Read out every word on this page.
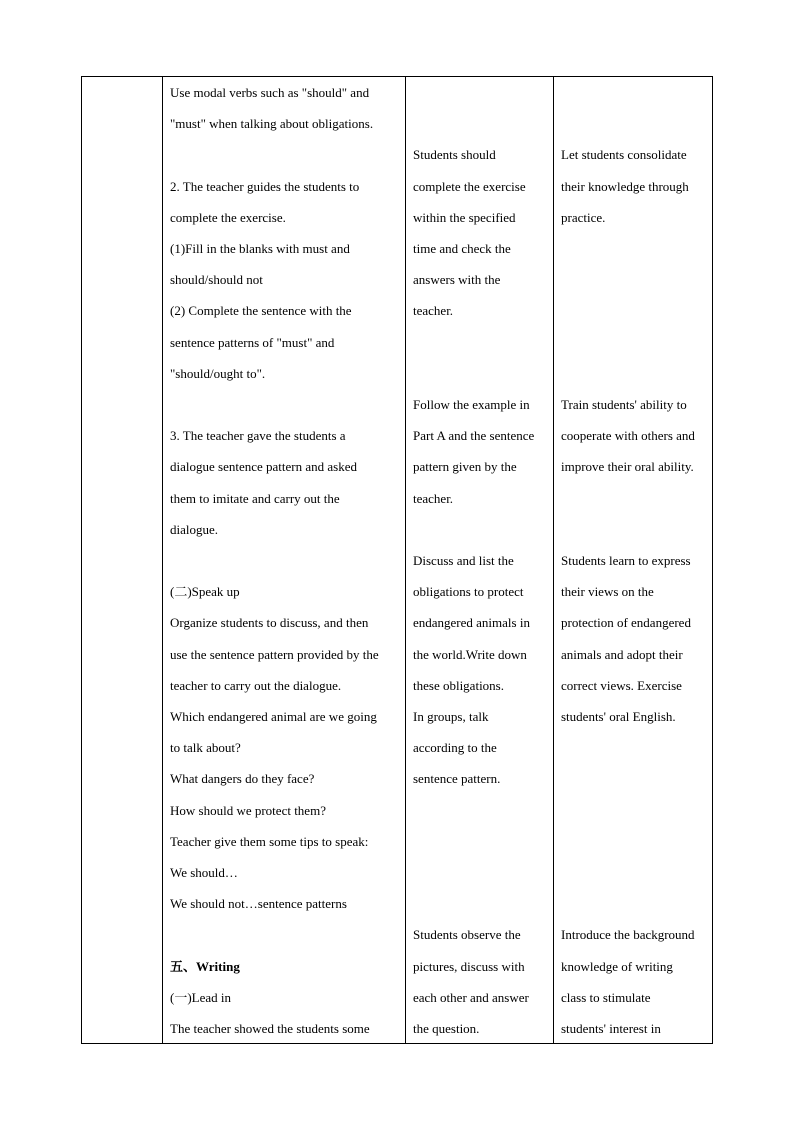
Use modal verbs such as "should" and
"must" when talking about obligations.
2. The teacher guides the students to
complete the exercise.
(1)Fill in the blanks with must and
should/should not
(2) Complete the sentence with the
sentence patterns of "must" and
"should/ought to".
3. The teacher gave the students a
dialogue sentence pattern and asked
them to imitate and carry out the
dialogue.
(二)Speak up
Organize students to discuss, and then
use the sentence pattern provided by the
teacher to carry out the dialogue.
Which endangered animal are we going
to talk about?
What dangers do they face?
How should we protect them?
Teacher give them some tips to speak:
We should…
We should not…sentence patterns
五、Writing
(一)Lead in
The teacher showed the students some
Students should
complete the exercise
within the specified
time and check the
answers with the
teacher.
Follow the example in
Part A and the sentence
pattern given by the
teacher.
Discuss and list the
obligations to protect
endangered animals in
the world.Write down
these obligations.
In groups, talk
according to the
sentence pattern.
Students observe the
pictures, discuss with
each other and answer
the question.
Let students consolidate
their knowledge through
practice.
Train students' ability to
cooperate with others and
improve their oral ability.
Students learn to express
their views on the
protection of endangered
animals and adopt their
correct views. Exercise
students' oral English.
Introduce the background
knowledge of writing
class to stimulate
students' interest in
